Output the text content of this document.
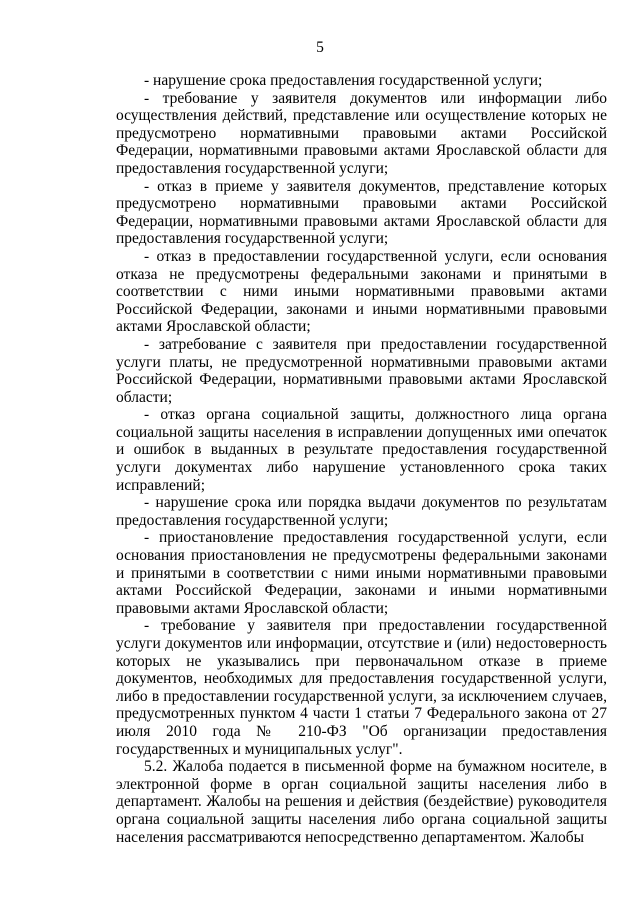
5

- нарушение срока предоставления государственной услуги;

- требование у заявителя документов или информации либо осуществления действий, представление или осуществление которых не предусмотрено нормативными правовыми актами Российской Федерации, нормативными правовыми актами Ярославской области для предоставления государственной услуги;

- отказ в приеме у заявителя документов, представление которых предусмотрено нормативными правовыми актами Российской Федерации, нормативными правовыми актами Ярославской области для предоставления государственной услуги;

- отказ в предоставлении государственной услуги, если основания отказа не предусмотрены федеральными законами и принятыми в соответствии с ними иными нормативными правовыми актами Российской Федерации, законами и иными нормативными правовыми актами Ярославской области;

- затребование с заявителя при предоставлении государственной услуги платы, не предусмотренной нормативными правовыми актами Российской Федерации, нормативными правовыми актами Ярославской области;

- отказ органа социальной защиты, должностного лица органа социальной защиты населения в исправлении допущенных ими опечаток и ошибок в выданных в результате предоставления государственной услуги документах либо нарушение установленного срока таких исправлений;

- нарушение срока или порядка выдачи документов по результатам предоставления государственной услуги;

- приостановление предоставления государственной услуги, если основания приостановления не предусмотрены федеральными законами и принятыми в соответствии с ними иными нормативными правовыми актами Российской Федерации, законами и иными нормативными правовыми актами Ярославской области;

- требование у заявителя при предоставлении государственной услуги документов или информации, отсутствие и (или) недостоверность которых не указывались при первоначальном отказе в приеме документов, необходимых для предоставления государственной услуги, либо в предоставлении государственной услуги, за исключением случаев, предусмотренных пунктом 4 части 1 статьи 7 Федерального закона от 27 июля 2010 года № 210-ФЗ "Об организации предоставления государственных и муниципальных услуг".

5.2. Жалоба подается в письменной форме на бумажном носителе, в электронной форме в орган социальной защиты населения либо в департамент. Жалобы на решения и действия (бездействие) руководителя органа социальной защиты населения либо органа социальной защиты населения рассматриваются непосредственно департаментом. Жалобы
